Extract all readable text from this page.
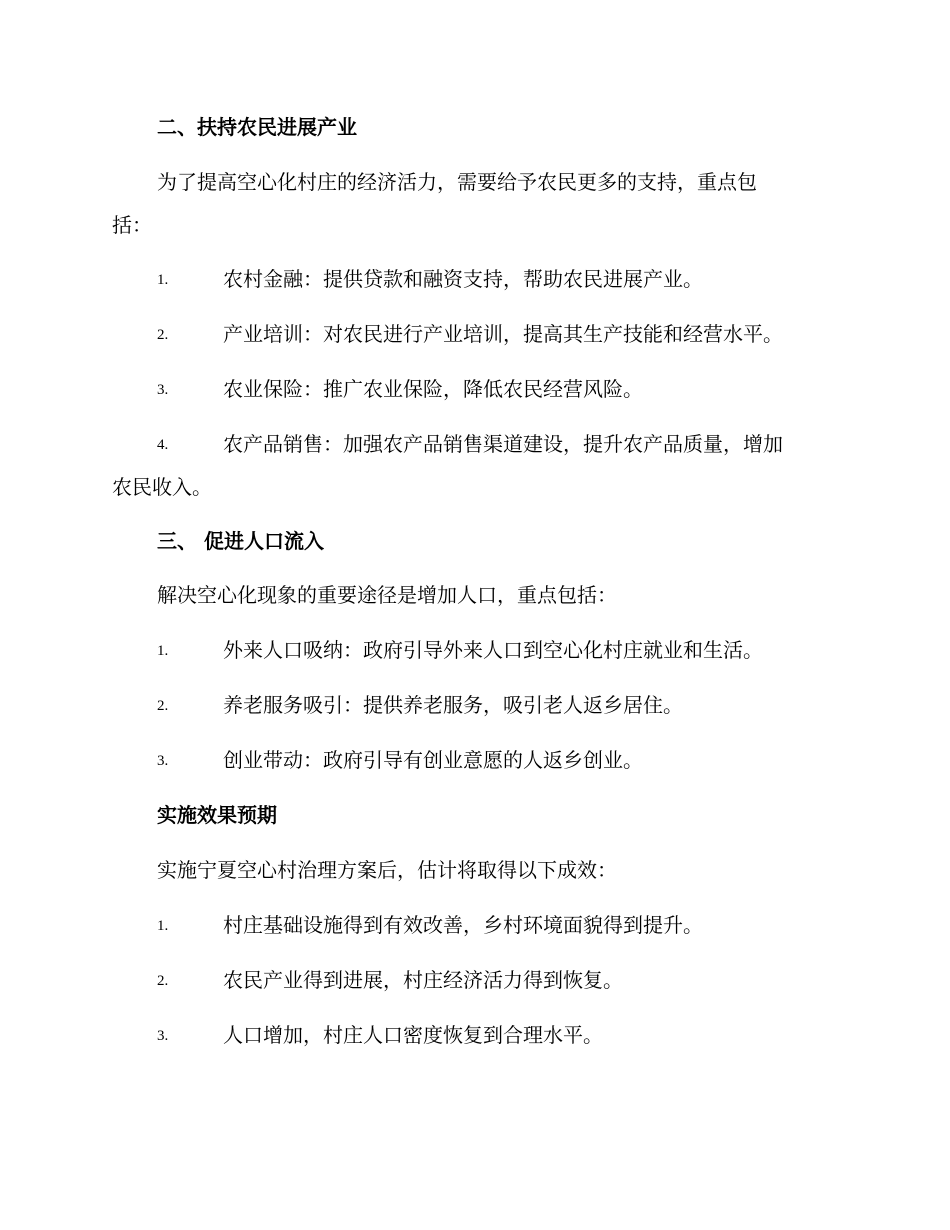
二、扶持农民进展产业
为了提高空心化村庄的经济活力，需要给予农民更多的支持，重点包
括：
1.	农村金融：提供贷款和融资支持，帮助农民进展产业。
2.	产业培训：对农民进行产业培训，提高其生产技能和经营水平。
3.	农业保险：推广农业保险，降低农民经营风险。
4.	农产品销售：加强农产品销售渠道建设，提升农产品质量，增加
农民收入。
三、 促进人口流入
解决空心化现象的重要途径是增加人口，重点包括：
1.	外来人口吸纳：政府引导外来人口到空心化村庄就业和生活。
2.	养老服务吸引：提供养老服务，吸引老人返乡居住。
3.	创业带动：政府引导有创业意愿的人返乡创业。
实施效果预期
实施宁夏空心村治理方案后，估计将取得以下成效：
1.	村庄基础设施得到有效改善，乡村环境面貌得到提升。
2.	农民产业得到进展，村庄经济活力得到恢复。
3.	人口增加，村庄人口密度恢复到合理水平。
